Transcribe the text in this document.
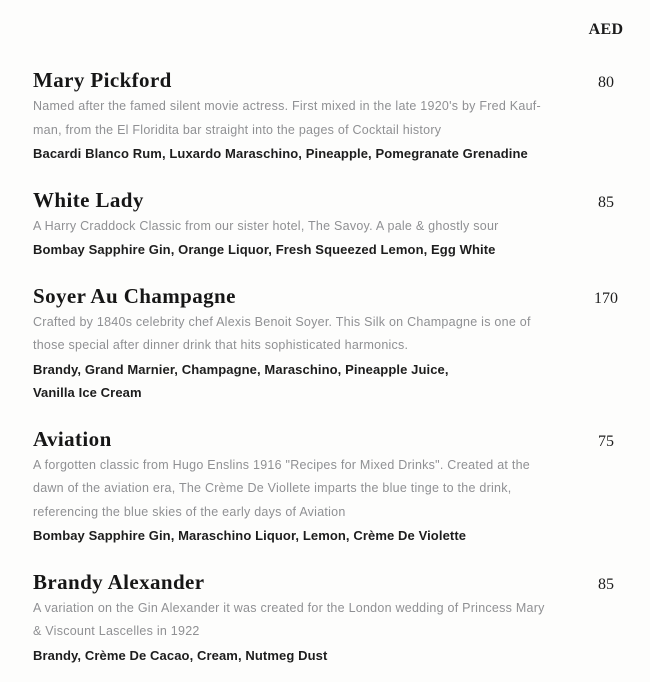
AED
Mary Pickford	80
Named after the famed silent movie actress. First mixed in the late 1920's by Fred Kauf-
man, from the El Floridita bar straight into the pages of Cocktail history
Bacardi Blanco Rum, Luxardo Maraschino, Pineapple, Pomegranate Grenadine
White Lady	85
A Harry Craddock Classic from our sister hotel, The Savoy. A pale & ghostly sour
Bombay Sapphire Gin, Orange Liquor, Fresh Squeezed Lemon, Egg White
Soyer Au Champagne	170
Crafted by 1840s celebrity chef Alexis Benoit Soyer. This Silk on Champagne is one of
those special after dinner drink that hits sophisticated harmonics.
Brandy, Grand Marnier, Champagne, Maraschino, Pineapple Juice,
Vanilla Ice Cream
Aviation	75
A forgotten classic from Hugo Enslins 1916 "Recipes for Mixed Drinks". Created at the
dawn of the aviation era, The Crème De Viollete imparts the blue tinge to the drink,
referencing the blue skies of the early days of Aviation
Bombay Sapphire Gin, Maraschino Liquor, Lemon, Crème De Violette
Brandy Alexander	85
A variation on the Gin Alexander it was created for the London wedding of Princess Mary
& Viscount Lascelles in 1922
Brandy, Crème De Cacao, Cream, Nutmeg Dust
